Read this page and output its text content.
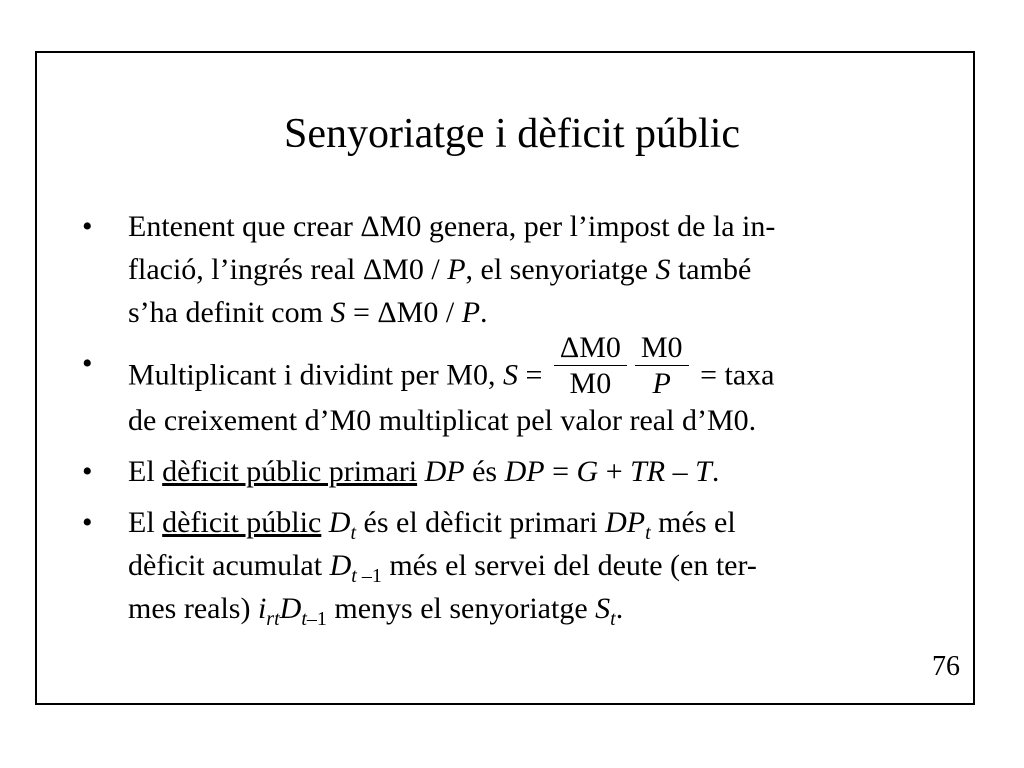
Senyoriatge i dèficit públic
• Entenent que crear ΔM0 genera, per l’impost de la in-
flació, l’ingrés real ΔM0 / P, el senyoriatge S també
s’ha definit com S = ΔM0 / P.
• Multiplicant i dividint per M0, $S = \frac{\Delta M0}{M0} \frac{M0}{P}$ = taxa
de creixement d’M0 multiplicat pel valor real d’M0.
• El dèficit públic primari DP és DP = G + TR – T.
• El dèficit públic $D_t$ és el dèficit primari $DP_t$ més el
dèficit acumulat $D_{t -1}$ més el servei del deute (en ter-
mes reals) $i_{rt}D_{t-1}$ menys el senyoriatge $S_t$.
76
